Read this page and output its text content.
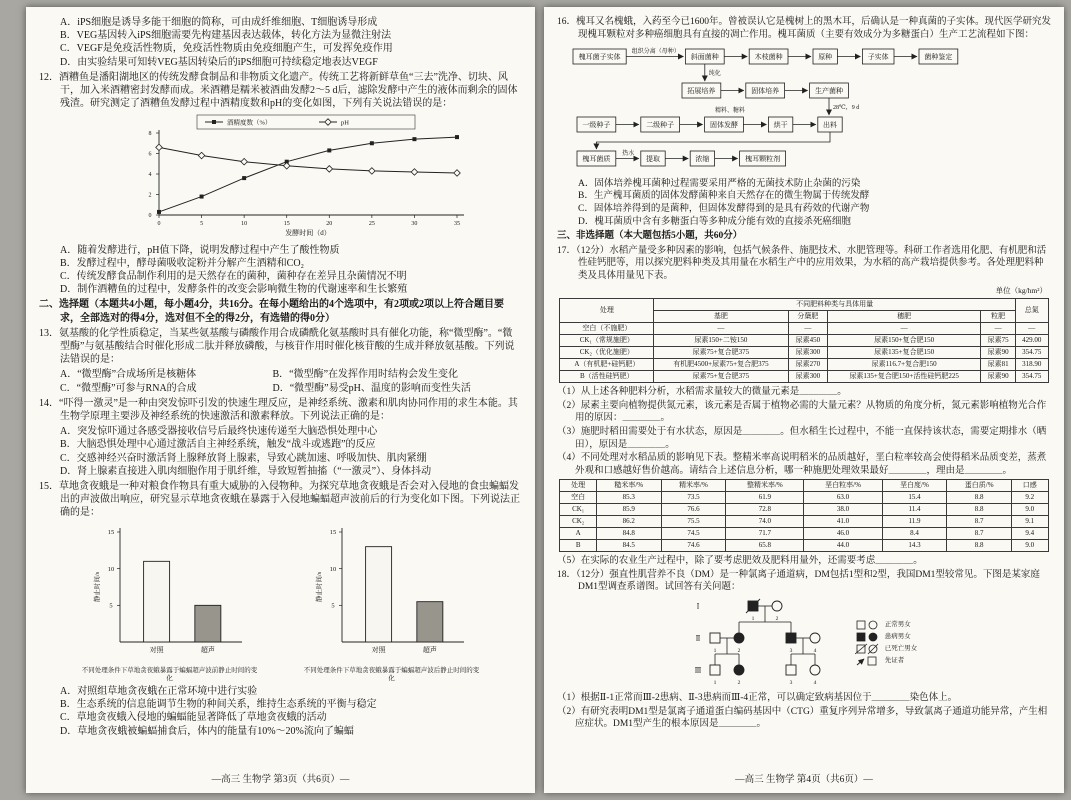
A．iPS细胞是诱导多能干细胞的简称，可由成纤维细胞、T细胞诱导形成
B．VEG基因转入iPS细胞需要先构建基因表达载体，转化方法为显微注射法
C．VEGF是免疫活性物质，免疫活性物质由免疫细胞产生，可发挥免疫作用
D．由实验结果可知转VEG基因转染后的iPS细胞可持续稳定地表达VEGF
12．酒糟鱼是潘阳湖地区的传统发酵食制品和非物质文化遗产。传统工艺将新鲜草鱼“三去”洗净、切块、风干，加入米酒糟密封发酵而成。米酒糟是糯米被酒曲发酵2～5 d后，滤除发酵中产生的液体而剩余的固体残渣。研究测定了酒糟鱼发酵过程中酒精度数和pH的变化如图，下列有关说法错误的是：
0
2
4
6
8
0	5	10	15	20	25	30	35
发酵时间（d）
酒精度数（%）	pH
A．随着发酵进行，pH值下降，说明发酵过程中产生了酸性物质
B．发酵过程中，酵母菌吸收淀粉并分解产生酒精和CO₂
C．传统发酵食品制作利用的是天然存在的菌种，菌种存在差异且杂菌情况不明
D．制作酒糟鱼的过程中，发酵条件的改变会影响微生物的代谢速率和生长繁殖
二、选择题（本题共4小题，每小题4分，共16分。在每小题给出的4个选项中，有2项或2项以上符合题目要求，全部选对的得4分，选对但不全的得2分，有选错的得0分）
13．氨基酸的化学性质稳定，当某些氨基酸与磷酸作用合成磷酰化氨基酸时具有催化功能，称“微型酶”。“微型酶”与氨基酸结合时催化形成二肽并释放磷酸，与核苷作用时催化核苷酸的生成并释放氨基酸。下列说法错误的是：
A．“微型酶”合成场所是核糖体	B．“微型酶”在发挥作用时结构会发生变化
C．“微型酶”可参与RNA的合成	D．“微型酶”易受pH、温度的影响而变性失活
14．“吓得一激灵”是一种由突发惊吓引发的快速生理反应，是神经系统、激素和肌肉协同作用的求生本能。其生物学原理主要涉及神经系统的快速激活和激素释放。下列说法正确的是：
A．突发惊吓通过各感受器接收信号后最终快速传递至大脑恐惧处理中心
B．大脑恐惧处理中心通过激活自主神经系统，触发“战斗或逃跑”的反应
C．交感神经兴奋时激活肾上腺释放肾上腺素，导致心跳加速、呼吸加快、肌肉紧绷
D．肾上腺素直接进入肌肉细胞作用于肌纤维，导致短暂抽搐（“一激灵”）、身体抖动
15．草地贪夜蛾是一种对粮食作物具有重大威胁的入侵物种。为探究草地贪夜蛾是否会对入侵地的食虫蝙蝠发出的声波做出响应，研究显示草地贪夜蛾在暴露于入侵地蝙蝠超声波前后的行为变化如下图。下列说法正确的是：
5
10
15
静止时间/s
对照	超声
不同处理条件下草地贪夜蛾暴露于蝙蝠超声波前静止时间的变化
5
10
15
静止时间/s
对照	超声
不同处理条件下草地贪夜蛾暴露于蝙蝠超声波后静止时间的变化
A．对照组草地贪夜蛾在正常环境中进行实验
B．生态系统的信息能调节生物的种间关系，维持生态系统的平衡与稳定
C．草地贪夜蛾入侵地的蝙蝠能显著降低了草地贪夜蛾的活动
D．草地贪夜蛾被蝙蝠捕食后，体内的能量有10%～20%流向了蝙蝠
—高三 生物学 第3页（共6页）—
16．槐耳又名槐蛾，入药至今已1600年。曾被误认它是槐树上的黑木耳，后确认是一种真菌的子实体。现代医学研究发现槐耳颗粒对多种癌细胞具有直接的凋亡作用。槐耳菌质（主要有效成分为多糖蛋白）生产工艺流程如下图：
槐耳菌子实体
组织分离（母种）
斜面菌种	木枝菌种	原种	子实体	菌种鉴定
拓展培养	固体培养	生产菌种
一级种子	二级种子	固体发酵	烘干	出料
槐耳菌质
热水
提取	浓缩	槐耳颗粒剂
纯化
28℃，9 d
精料、糖料
A．固体培养槐耳菌种过程需要采用严格的无菌技术防止杂菌的污染
B．生产槐耳菌质的固体发酵菌种来自天然存在的微生物属于传统发酵
C．固体培养得到的是菌种，但固体发酵得到的是具有药效的代谢产物
D．槐耳菌质中含有多糖蛋白等多种成分能有效的直接杀死癌细胞
三、非选择题（本大题包括5小题，共60分）
17．（12分）水稻产量受多种因素的影响，包括气候条件、施肥技术、水肥管理等。科研工作者选用化肥、有机肥和活性硅钙肥等，用以探究肥料种类及其用量在水稻生产中的应用效果，为水稻的高产栽培提供参考。各处理肥料种类及具体用量见下表。
单位（kg/hm²）
处理	不同肥料种类与具体用量				总氮
	基肥	分蘖肥	穗肥	粒肥	
空白（不施肥）	—	—	—	—	—
CK₁（常规施肥）	尿素150+二铵150	尿素450	尿素150+复合肥150	尿素75	429.00
CK₂（优化施肥）	尿素75+复合肥375	尿素300	尿素135+复合肥150	尿素90	354.75
A（有机肥+硅钙肥）	有机肥4500+尿素75+复合肥375	尿素270	尿素116.7+复合肥150	尿素81	318.90
B（活性硅钙肥）	尿素75+复合肥375	尿素300	尿素135+复合肥150+活性硅钙肥225	尿素90	354.75
（1）从上述各种肥料分析，水稻需求量较大的微量元素是＿＿＿＿。
（2）尿素主要向植物提供氮元素，该元素是否属于植物必需的大量元素？从物质的角度分析，氮元素影响植物光合作用的原因：＿＿＿＿。
（3）施肥时稻田需要处于有水状态，原因是＿＿＿＿。但水稻生长过程中，不能一直保持该状态，需要定期排水（晒田），原因是＿＿＿＿。
（4）不同处理对水稻品质的影响见下表。整精米率高说明稻米的品质越好，垩白粒率较高会使得稻米品质变差，蒸煮外观和口感越好售价越高。请结合上述信息分析，哪一种施肥处理效果最好＿＿＿＿，理由是＿＿＿＿。
处理	糙米率/%	精米率/%	整精米率/%	垩白粒率/%	垩白度/%	蛋白质/%	口感
空白	85.3	73.5	61.9	63.0	15.4	8.8	9.2
CK₁	85.9	76.6	72.8	38.0	11.4	8.8	9.0
CK₂	86.2	75.5	74.0	41.0	11.9	8.7	9.1
A	84.8	74.5	71.7	46.0	8.4	8.7	9.4
B	84.5	74.6	65.8	44.0	14.3	8.8	9.0
（5）在实际的农业生产过程中，除了要考虑肥效及肥料用量外，还需要考虑＿＿＿＿。
18．（12分）强直性肌营养不良（DM）是一种氯离子通道病，DM包括1型和2型，我国DM1型较常见。下图是某家庭DM1型调查系谱图。试回答有关问题：
Ⅰ
1	2
Ⅱ
1	2	3	4
Ⅲ
1	2	3	4
正常男女
患病男女
已死亡男女
先证者
（1）根据Ⅱ-1正常而Ⅲ-2患病、Ⅱ-3患病而Ⅲ-4正常，可以确定致病基因位于＿＿＿＿染色体上。
（2）有研究表明DM1型是氯离子通道蛋白编码基因中（CTG）重复序列异常增多，导致氯离子通道功能异常，产生相应症状。DM1型产生的根本原因是＿＿＿＿。
—高三 生物学 第4页（共6页）—
